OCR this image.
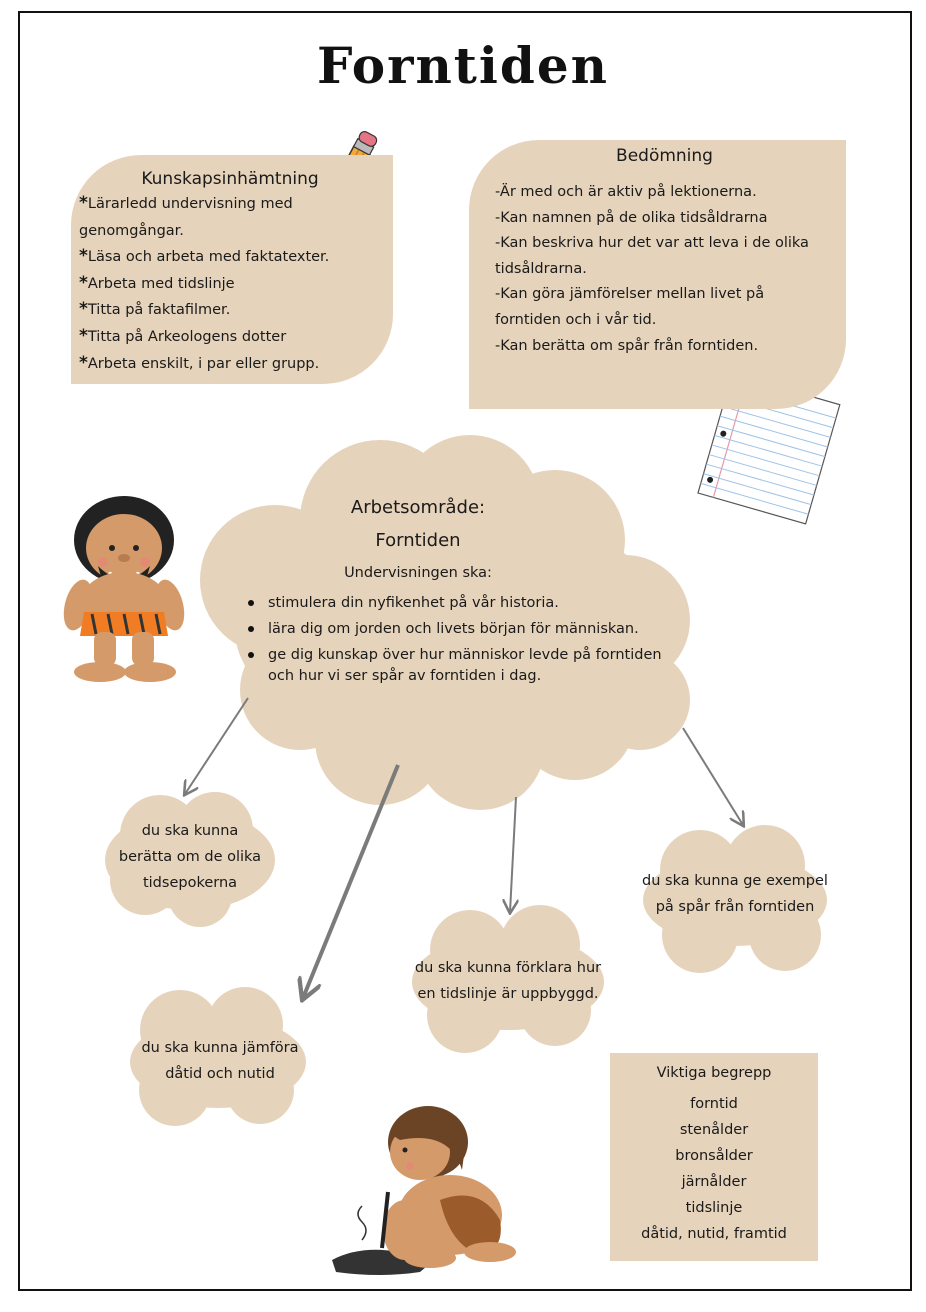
Forntiden
Kunskapsinhämtning
*Lärarledd undervisning med
genomgångar.
*Läsa och arbeta med faktatexter.
*Arbeta med tidslinje
*Titta på faktafilmer.
*Titta på Arkeologens dotter
*Arbeta enskilt, i par eller grupp.
Bedömning
-Är med och är aktiv på lektionerna.
-Kan namnen på de olika tidsåldrarna
-Kan beskriva hur det var att leva i de olika
tidsåldrarna.
-Kan göra jämförelser mellan livet på
forntiden och i vår tid.
-Kan berätta om spår från forntiden.
Arbetsområde:
Forntiden
Undervisningen ska:
stimulera din nyfikenhet på vår historia.
lära dig om jorden och livets början för människan.
ge dig kunskap över hur människor levde på forntiden
och hur vi ser spår av forntiden i dag.
du ska kunna
berätta om de olika
tidsepokerna
du ska kunna jämföra
dåtid och nutid
du ska kunna förklara hur
en tidslinje är uppbyggd.
du ska kunna ge exempel
på spår från forntiden
Viktiga begrepp
forntid
stenålder
bronsålder
järnålder
tidslinje
dåtid, nutid, framtid
